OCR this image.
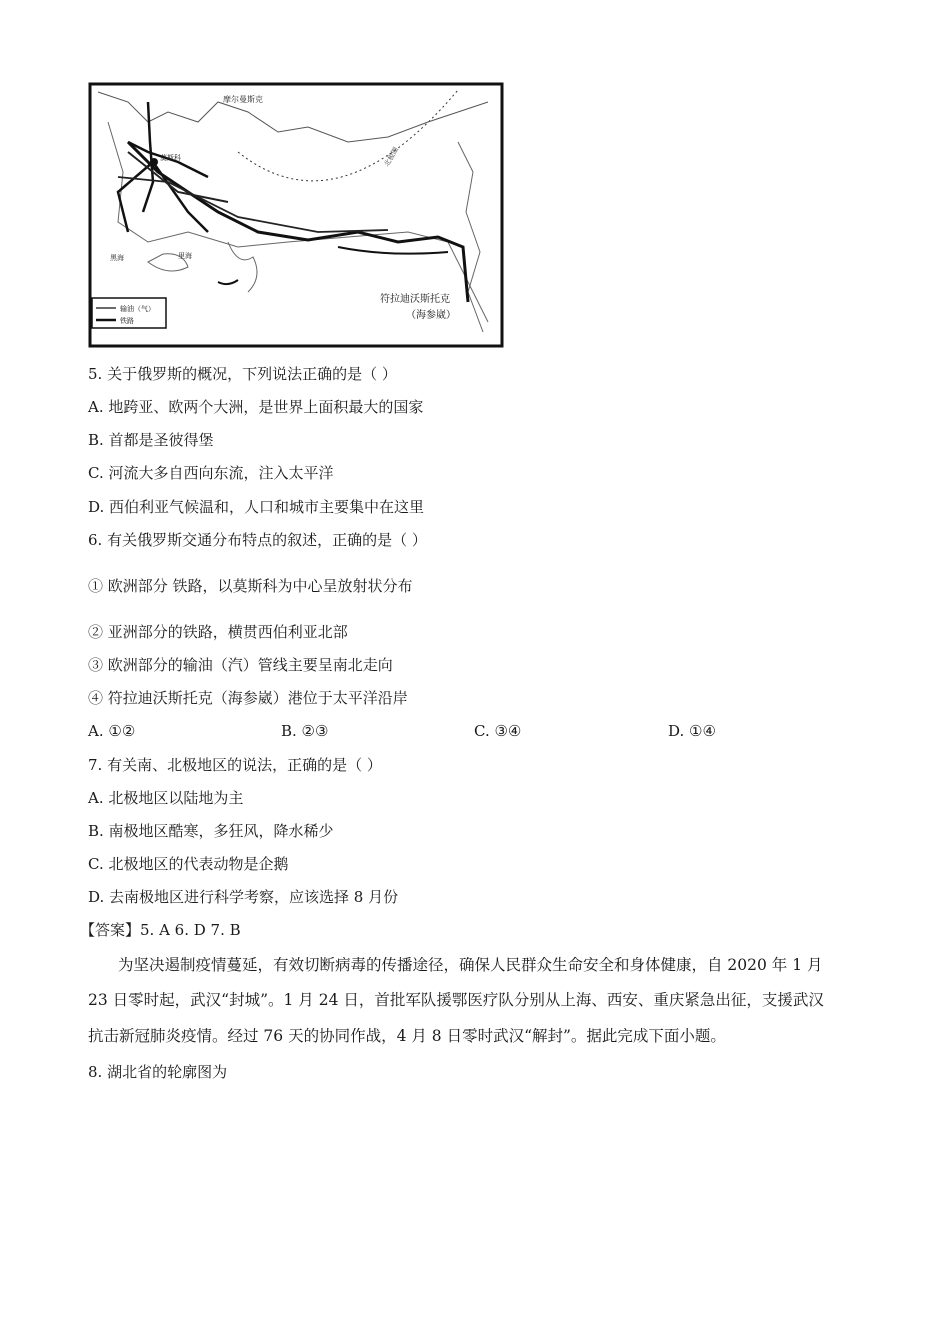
摩尔曼斯克
莫斯科	北极圈
黑海	里海
符拉迪沃斯托克
（海参崴）
输油（气）
铁路
5. 关于俄罗斯的概况，下列说法正确的是（ ）
A. 地跨亚、欧两个大洲，是世界上面积最大的国家
B. 首都是圣彼得堡
C. 河流大多自西向东流，注入太平洋
D. 西伯利亚气候温和，人口和城市主要集中在这里
6. 有关俄罗斯交通分布特点的叙述，正确的是（ ）
① 欧洲部分 铁路，以莫斯科为中心呈放射状分布
② 亚洲部分的铁路，横贯西伯利亚北部
③ 欧洲部分的输油（汽）管线主要呈南北走向
④ 符拉迪沃斯托克（海参崴）港位于太平洋沿岸
A. ①②	B. ②③	C. ③④	D. ①④
7. 有关南、北极地区的说法，正确的是（ ）
A. 北极地区以陆地为主
B. 南极地区酷寒，多狂风，降水稀少
C. 北极地区的代表动物是企鹅
D. 去南极地区进行科学考察，应该选择 8 月份
【答案】5. A 6. D 7. B
为坚决遏制疫情蔓延，有效切断病毒的传播途径，确保人民群众生命安全和身体健康，自 2020 年 1 月
23 日零时起，武汉“封城”。1 月 24 日，首批军队援鄂医疗队分别从上海、西安、重庆紧急出征，支援武汉
抗击新冠肺炎疫情。经过 76 天的协同作战，4 月 8 日零时武汉“解封”。据此完成下面小题。
8. 湖北省的轮廓图为
